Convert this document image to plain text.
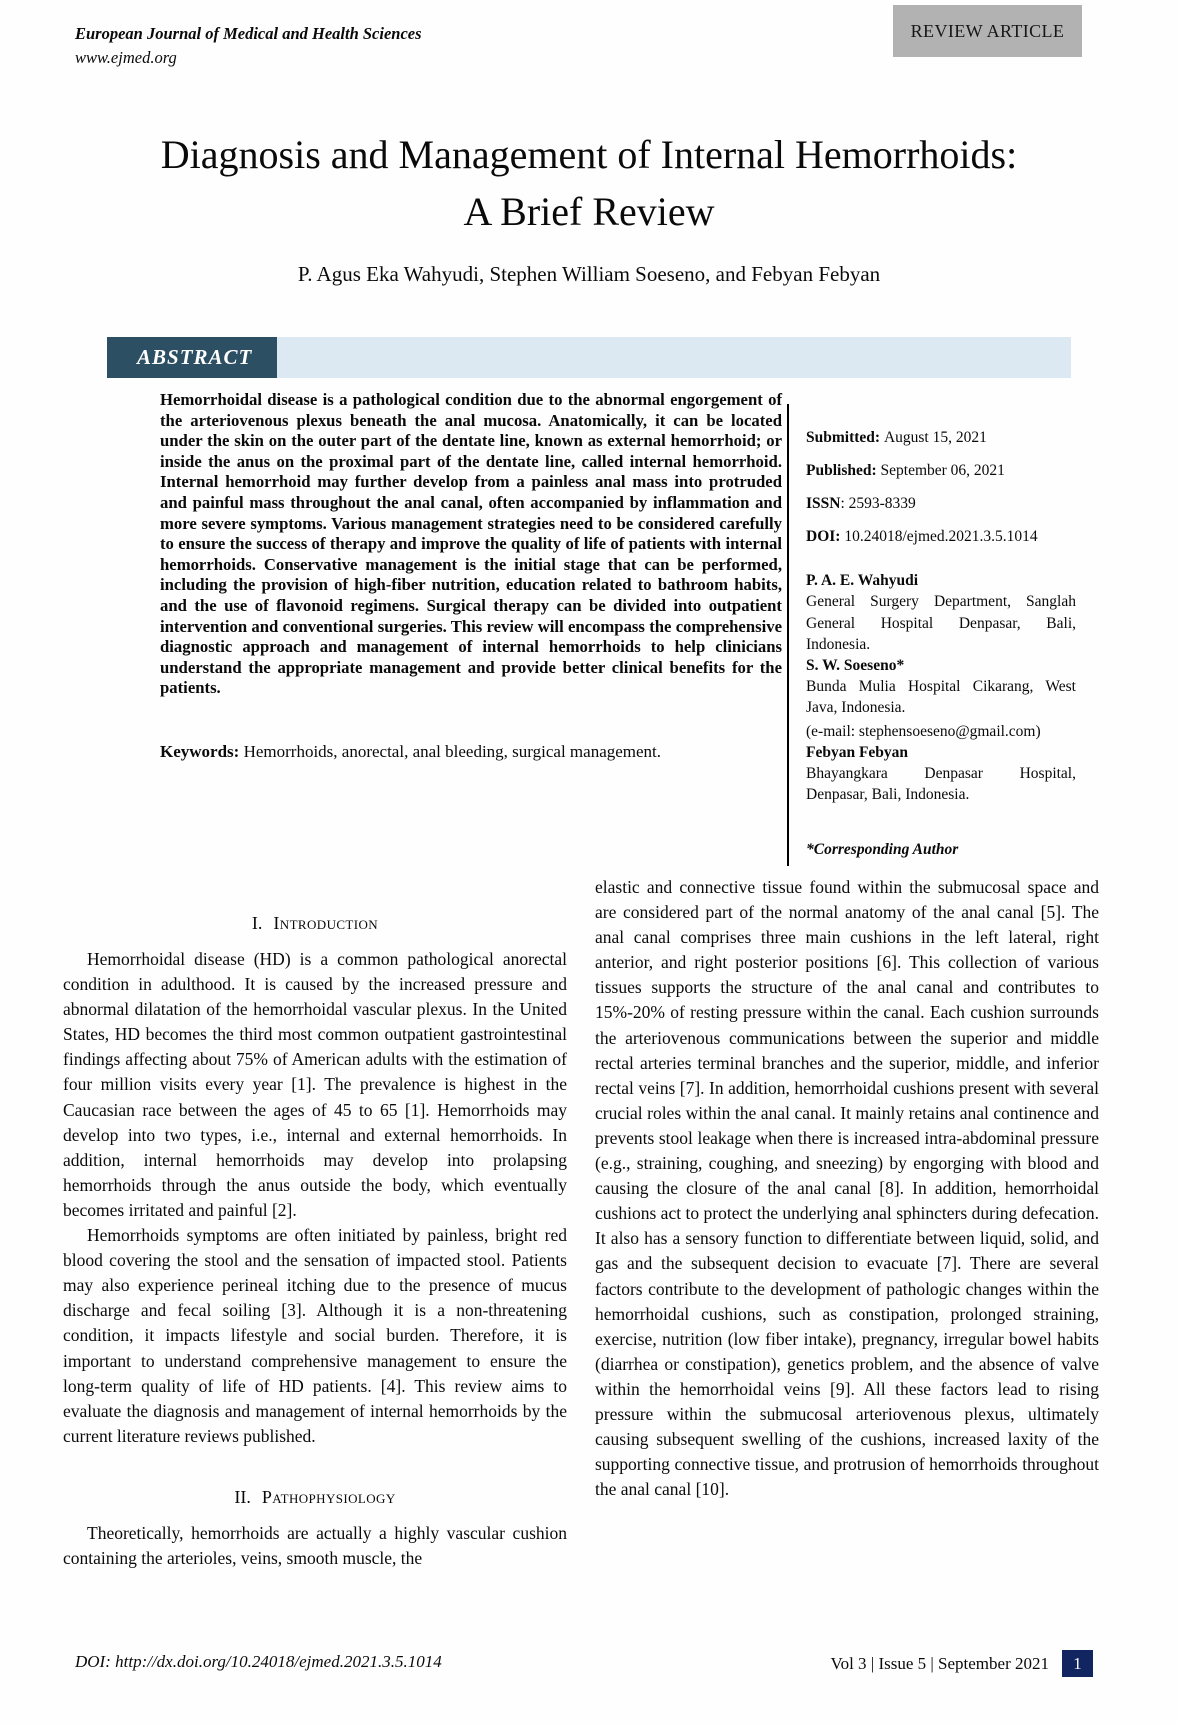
REVIEW ARTICLE
European Journal of Medical and Health Sciences
www.ejmed.org
Diagnosis and Management of Internal Hemorrhoids:
A Brief Review
P. Agus Eka Wahyudi, Stephen William Soeseno, and Febyan Febyan
ABSTRACT
Hemorrhoidal disease is a pathological condition due to the abnormal engorgement of the arteriovenous plexus beneath the anal mucosa. Anatomically, it can be located under the skin on the outer part of the dentate line, known as external hemorrhoid; or inside the anus on the proximal part of the dentate line, called internal hemorrhoid. Internal hemorrhoid may further develop from a painless anal mass into protruded and painful mass throughout the anal canal, often accompanied by inflammation and more severe symptoms. Various management strategies need to be considered carefully to ensure the success of therapy and improve the quality of life of patients with internal hemorrhoids. Conservative management is the initial stage that can be performed, including the provision of high-fiber nutrition, education related to bathroom habits, and the use of flavonoid regimens. Surgical therapy can be divided into outpatient intervention and conventional surgeries. This review will encompass the comprehensive diagnostic approach and management of internal hemorrhoids to help clinicians understand the appropriate management and provide better clinical benefits for the patients.
Keywords: Hemorrhoids, anorectal, anal bleeding, surgical management.
Submitted: August 15, 2021
Published: September 06, 2021
ISSN: 2593-8339
DOI: 10.24018/ejmed.2021.3.5.1014
P. A. E. Wahyudi
General Surgery Department, Sanglah General Hospital Denpasar, Bali, Indonesia.
S. W. Soeseno*
Bunda Mulia Hospital Cikarang, West Java, Indonesia.
(e-mail: stephensoeseno@gmail.com)
Febyan Febyan
Bhayangkara Denpasar Hospital, Denpasar, Bali, Indonesia.
*Corresponding Author
I. Introduction

Hemorrhoidal disease (HD) is a common pathological anorectal condition in adulthood. It is caused by the increased pressure and abnormal dilatation of the hemorrhoidal vascular plexus. In the United States, HD becomes the third most common outpatient gastrointestinal findings affecting about 75% of American adults with the estimation of four million visits every year [1]. The prevalence is highest in the Caucasian race between the ages of 45 to 65 [1]. Hemorrhoids may develop into two types, i.e., internal and external hemorrhoids. In addition, internal hemorrhoids may develop into prolapsing hemorrhoids through the anus outside the body, which eventually becomes irritated and painful [2].

Hemorrhoids symptoms are often initiated by painless, bright red blood covering the stool and the sensation of impacted stool. Patients may also experience perineal itching due to the presence of mucus discharge and fecal soiling [3]. Although it is a non-threatening condition, it impacts lifestyle and social burden. Therefore, it is important to understand comprehensive management to ensure the long-term quality of life of HD patients. [4]. This review aims to evaluate the diagnosis and management of internal hemorrhoids by the current literature reviews published.

II. Pathophysiology

Theoretically, hemorrhoids are actually a highly vascular cushion containing the arterioles, veins, smooth muscle, the

elastic and connective tissue found within the submucosal space and are considered part of the normal anatomy of the anal canal [5]. The anal canal comprises three main cushions in the left lateral, right anterior, and right posterior positions [6]. This collection of various tissues supports the structure of the anal canal and contributes to 15%-20% of resting pressure within the canal. Each cushion surrounds the arteriovenous communications between the superior and middle rectal arteries terminal branches and the superior, middle, and inferior rectal veins [7]. In addition, hemorrhoidal cushions present with several crucial roles within the anal canal. It mainly retains anal continence and prevents stool leakage when there is increased intra-abdominal pressure (e.g., straining, coughing, and sneezing) by engorging with blood and causing the closure of the anal canal [8]. In addition, hemorrhoidal cushions act to protect the underlying anal sphincters during defecation. It also has a sensory function to differentiate between liquid, solid, and gas and the subsequent decision to evacuate [7]. There are several factors contribute to the development of pathologic changes within the hemorrhoidal cushions, such as constipation, prolonged straining, exercise, nutrition (low fiber intake), pregnancy, irregular bowel habits (diarrhea or constipation), genetics problem, and the absence of valve within the hemorrhoidal veins [9]. All these factors lead to rising pressure within the submucosal arteriovenous plexus, ultimately causing subsequent swelling of the cushions, increased laxity of the supporting connective tissue, and protrusion of hemorrhoids throughout the anal canal [10].

DOI: http://dx.doi.org/10.24018/ejmed.2021.3.5.1014	Vol 3 | Issue 5 | September 2021	1
